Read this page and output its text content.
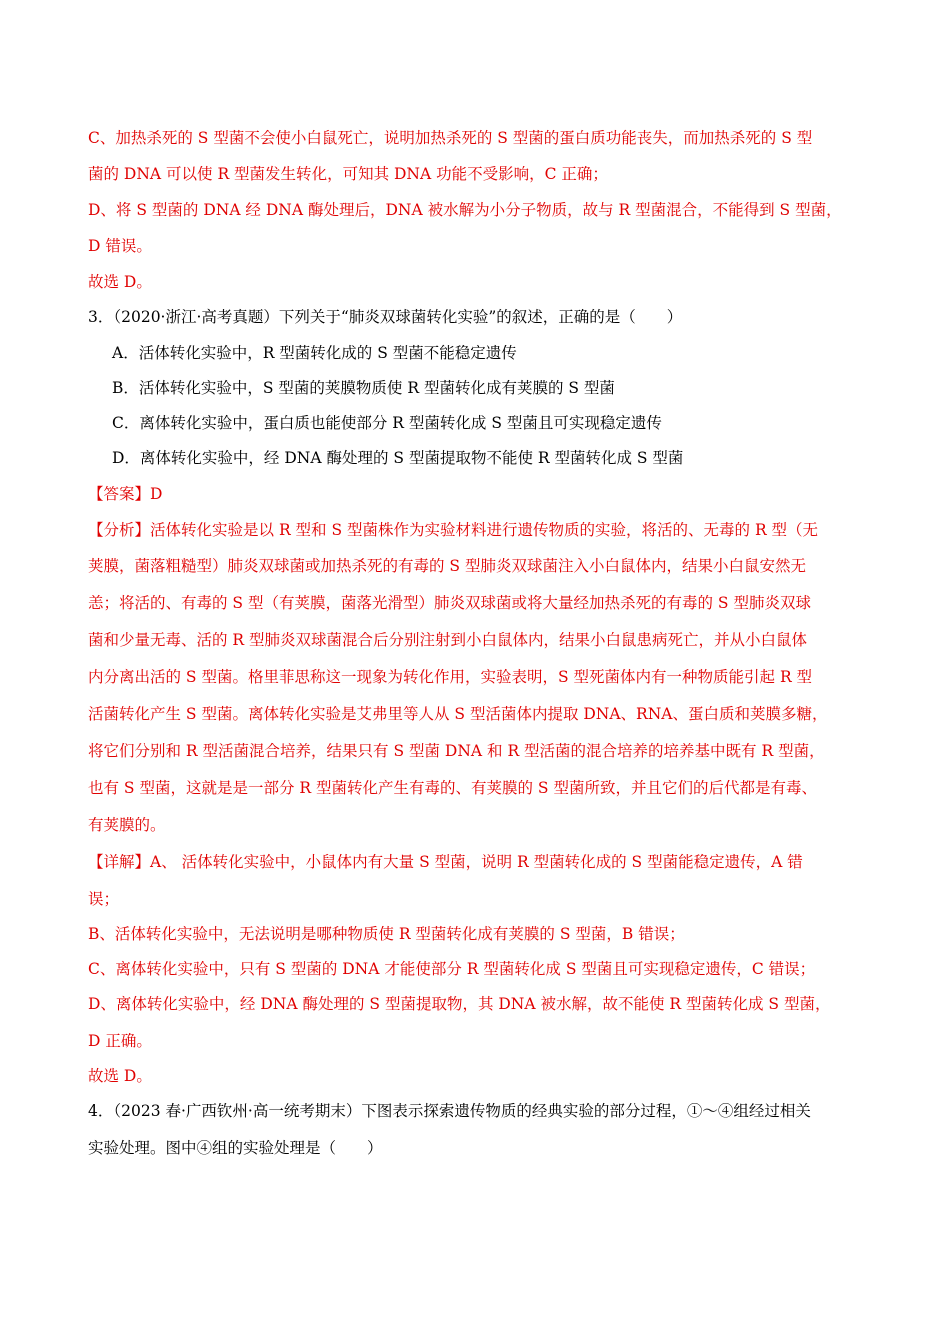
C、加热杀死的 S 型菌不会使小白鼠死亡，说明加热杀死的 S 型菌的蛋白质功能丧失，而加热杀死的 S 型
菌的 DNA 可以使 R 型菌发生转化，可知其 DNA 功能不受影响，C 正确；
D、将 S 型菌的 DNA 经 DNA 酶处理后，DNA 被水解为小分子物质，故与 R 型菌混合，不能得到 S 型菌，
D 错误。
故选 D。
3．（2020·浙江·高考真题）下列关于“肺炎双球菌转化实验”的叙述，正确的是（　　）
A．活体转化实验中，R 型菌转化成的 S 型菌不能稳定遗传
B．活体转化实验中，S 型菌的荚膜物质使 R 型菌转化成有荚膜的 S 型菌
C．离体转化实验中，蛋白质也能使部分 R 型菌转化成 S 型菌且可实现稳定遗传
D．离体转化实验中，经 DNA 酶处理的 S 型菌提取物不能使 R 型菌转化成 S 型菌
【答案】D
【分析】活体转化实验是以 R 型和 S 型菌株作为实验材料进行遗传物质的实验，将活的、无毒的 R 型（无
荚膜，菌落粗糙型）肺炎双球菌或加热杀死的有毒的 S 型肺炎双球菌注入小白鼠体内，结果小白鼠安然无
恙；将活的、有毒的 S 型（有荚膜，菌落光滑型）肺炎双球菌或将大量经加热杀死的有毒的 S 型肺炎双球
菌和少量无毒、活的 R 型肺炎双球菌混合后分别注射到小白鼠体内，结果小白鼠患病死亡，并从小白鼠体
内分离出活的 S 型菌。格里菲思称这一现象为转化作用，实验表明，S 型死菌体内有一种物质能引起 R 型
活菌转化产生 S 型菌。离体转化实验是艾弗里等人从 S 型活菌体内提取 DNA、RNA、蛋白质和荚膜多糖，
将它们分别和 R 型活菌混合培养，结果只有 S 型菌 DNA 和 R 型活菌的混合培养的培养基中既有 R 型菌，
也有 S 型菌，这就是是一部分 R 型菌转化产生有毒的、有荚膜的 S 型菌所致，并且它们的后代都是有毒、
有荚膜的。
【详解】A、 活体转化实验中，小鼠体内有大量 S 型菌，说明 R 型菌转化成的 S 型菌能稳定遗传，A 错
误；
B、活体转化实验中，无法说明是哪种物质使 R 型菌转化成有荚膜的 S 型菌，B 错误；
C、离体转化实验中，只有 S 型菌的 DNA 才能使部分 R 型菌转化成 S 型菌且可实现稳定遗传，C 错误；
D、离体转化实验中，经 DNA 酶处理的 S 型菌提取物，其 DNA 被水解，故不能使 R 型菌转化成 S 型菌，
D 正确。
故选 D。
4．（2023 春·广西钦州·高一统考期末）下图表示探索遗传物质的经典实验的部分过程，①～④组经过相关
实验处理。图中④组的实验处理是（　　）
